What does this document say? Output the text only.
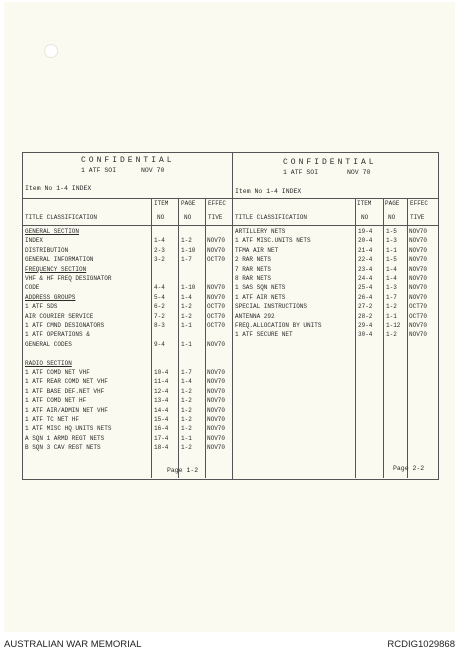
CONFIDENTIAL
1 ATF SOI	NOV 70
Item No 1-4 INDEX
ITEM
NO
PAGE
NO
EFFEC
TIVE
TITLE CLASSIFICATION
GENERAL SECTION
INDEX	1-4	1-2	NOV70
DISTRIBUTION	2-3	1-10 NOV70
GENERAL INFORMATION	3-2	1-7	OCT70
FREQUENCY SECTION
VHF & HF FREQ DESIGNATOR
CODE	4-4	1-10 NOV70
ADDRESS GROUPS	5-4	1-4	NOV70
1 ATF SDS	6-2	1-2	OCT70
AIR COURIER SERVICE	7-2	1-2	OCT70
1 ATF CMND DESIGNATORS	8-3	1-1	OCT70
1 ATF OPERATIONS &
GENERAL CODES	9-4	1-1	NOV70
RADIO SECTION
1 ATF COMD NET VHF	10-4 1-7	NOV70
1 ATF REAR COMD NET VHF	11-4 1-4	NOV70
1 ATF BASE DEF.NET VHF	12-4 1-2	NOV70
1 ATF COMD NET HF	13-4 1-2	NOV70
1 ATF AIR/ADMIN NET VHF	14-4 1-2	NOV70
1 ATF TC NET HF	15-4 1-2	NOV70
1 ATF MISC HQ UNITS NETS	16-4 1-2	NOV70
A SQN 1 ARMD REGT NETS	17-4 1-1	NOV70
B SQN 3 CAV REGT NETS	18-4 1-2	NOV70
Page 1-2
CONFIDENTIAL
1 ATF SOI	NOV 70
Item No 1-4 INDEX
ITEM
NO
PAGE
NO
EFFEC
TIVE
TITLE CLASSIFICATION
ARTILLERY NETS	19-4 1-5 NOV70
1 ATF MISC.UNITS NETS	20-4 1-3 NOV70
TFMA AIR NET	21-4 1-1 NOV70
2 RAR NETS	22-4 1-5 NOV70
7 RAR NETS	23-4 1-4 NOV70
8 RAR NETS	24-4 1-4 NOV70
1 SAS SQN NETS	25-4 1-3 NOV70
1 ATF AIR NETS	26-4 1-7 NOV70
SPECIAL INSTRUCTIONS	27-2 1-2 OCT70
ANTENNA 292	28-2 1-1 OCT70
FREQ.ALLOCATION BY UNITS	29-4 1-12 NOV70
1 ATF SECURE NET	30-4 1-2 NOV70
Page 2-2
AUSTRALIAN WAR MEMORIAL	RCDIG1029868
